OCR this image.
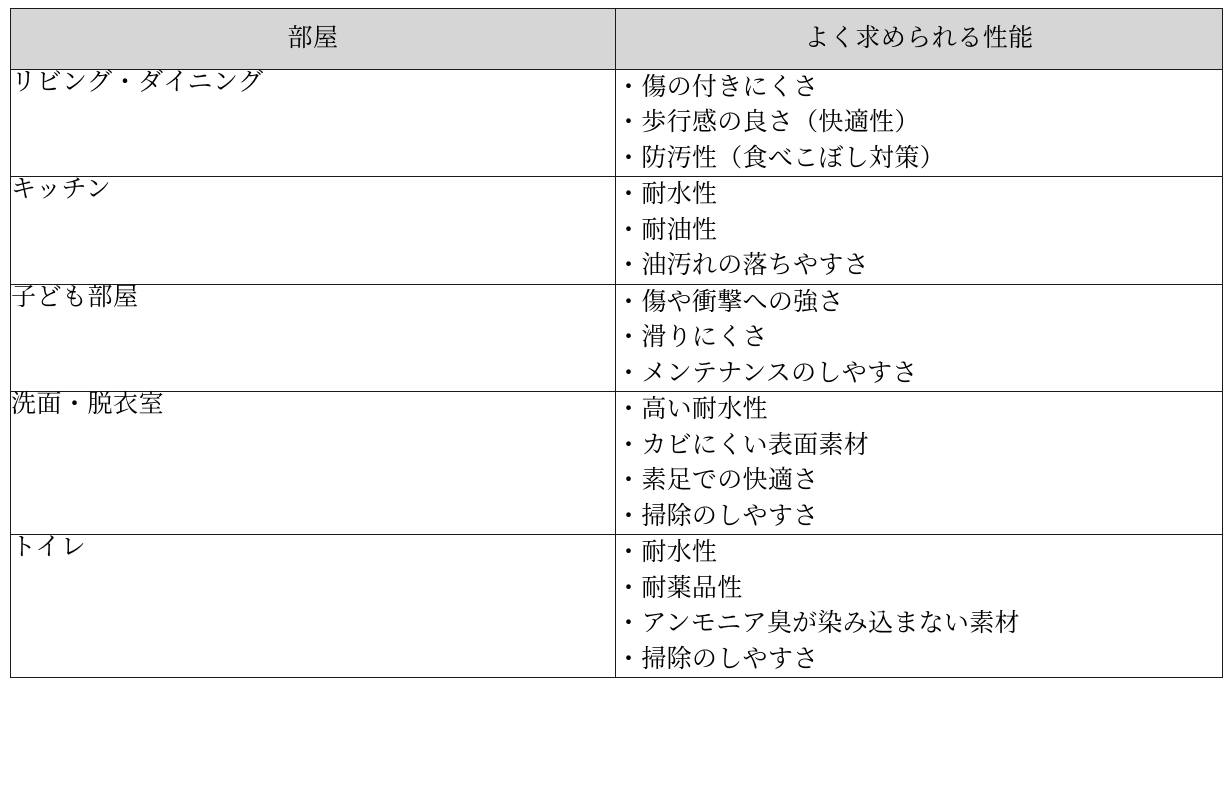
部屋	よく求められる性能
リビング・ダイニング	・傷の付きにくさ
・歩行感の良さ（快適性）
・防汚性（食べこぼし対策）

キッチン	・耐水性
・耐油性
・油汚れの落ちやすさ

子ども部屋	・傷や衝撃への強さ
・滑りにくさ
・メンテナンスのしやすさ

洗面・脱衣室	・高い耐水性
・カビにくい表面素材
・素足での快適さ
・掃除のしやすさ

トイレ	・耐水性
・耐薬品性
・アンモニア臭が染み込まない素材
・掃除のしやすさ
